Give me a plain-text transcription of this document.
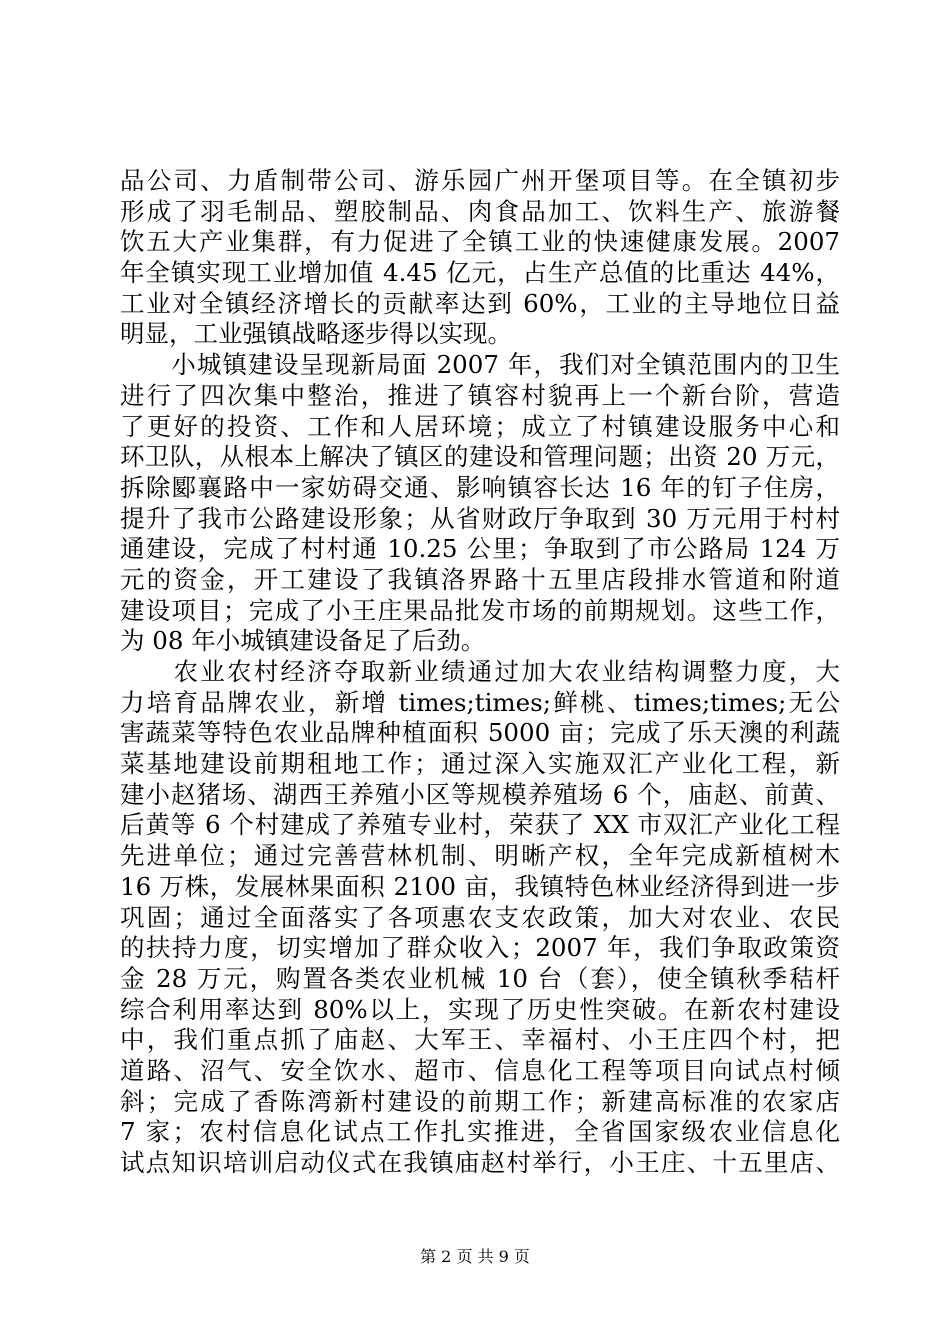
品公司、力盾制带公司、游乐园广州开堡项目等。在全镇初步
形成了羽毛制品、塑胶制品、肉食品加工、饮料生产、旅游餐
饮五大产业集群，有力促进了全镇工业的快速健康发展。2007
年全镇实现工业增加值 4.45 亿元，占生产总值的比重达 44%，
工业对全镇经济增长的贡献率达到 60%，工业的主导地位日益
明显，工业强镇战略逐步得以实现。
　　小城镇建设呈现新局面 2007 年，我们对全镇范围内的卫生
进行了四次集中整治，推进了镇容村貌再上一个新台阶，营造
了更好的投资、工作和人居环境；成立了村镇建设服务中心和
环卫队，从根本上解决了镇区的建设和管理问题；出资 20 万元，
拆除郾襄路中一家妨碍交通、影响镇容长达 16 年的钉子住房，
提升了我市公路建设形象；从省财政厅争取到 30 万元用于村村
通建设，完成了村村通 10.25 公里；争取到了市公路局 124 万
元的资金，开工建设了我镇洛界路十五里店段排水管道和附道
建设项目；完成了小王庄果品批发市场的前期规划。这些工作，
为 08 年小城镇建设备足了后劲。
　　农业农村经济夺取新业绩通过加大农业结构调整力度，大
力培育品牌农业，新增 times;times;鲜桃、times;times;无公
害蔬菜等特色农业品牌种植面积 5000 亩；完成了乐天澳的利蔬
菜基地建设前期租地工作；通过深入实施双汇产业化工程，新
建小赵猪场、湖西王养殖小区等规模养殖场 6 个，庙赵、前黄、
后黄等 6 个村建成了养殖专业村，荣获了 XX 市双汇产业化工程
先进单位；通过完善营林机制、明晰产权，全年完成新植树木
16 万株，发展林果面积 2100 亩，我镇特色林业经济得到进一步
巩固；通过全面落实了各项惠农支农政策，加大对农业、农民
的扶持力度，切实增加了群众收入；2007 年，我们争取政策资
金 28 万元，购置各类农业机械 10 台（套），使全镇秋季秸杆
综合利用率达到 80%以上，实现了历史性突破。在新农村建设
中，我们重点抓了庙赵、大军王、幸福村、小王庄四个村，把
道路、沼气、安全饮水、超市、信息化工程等项目向试点村倾
斜；完成了香陈湾新村建设的前期工作；新建高标准的农家店
7 家；农村信息化试点工作扎实推进，全省国家级农业信息化
试点知识培训启动仪式在我镇庙赵村举行，小王庄、十五里店、
第 2 页 共 9 页
